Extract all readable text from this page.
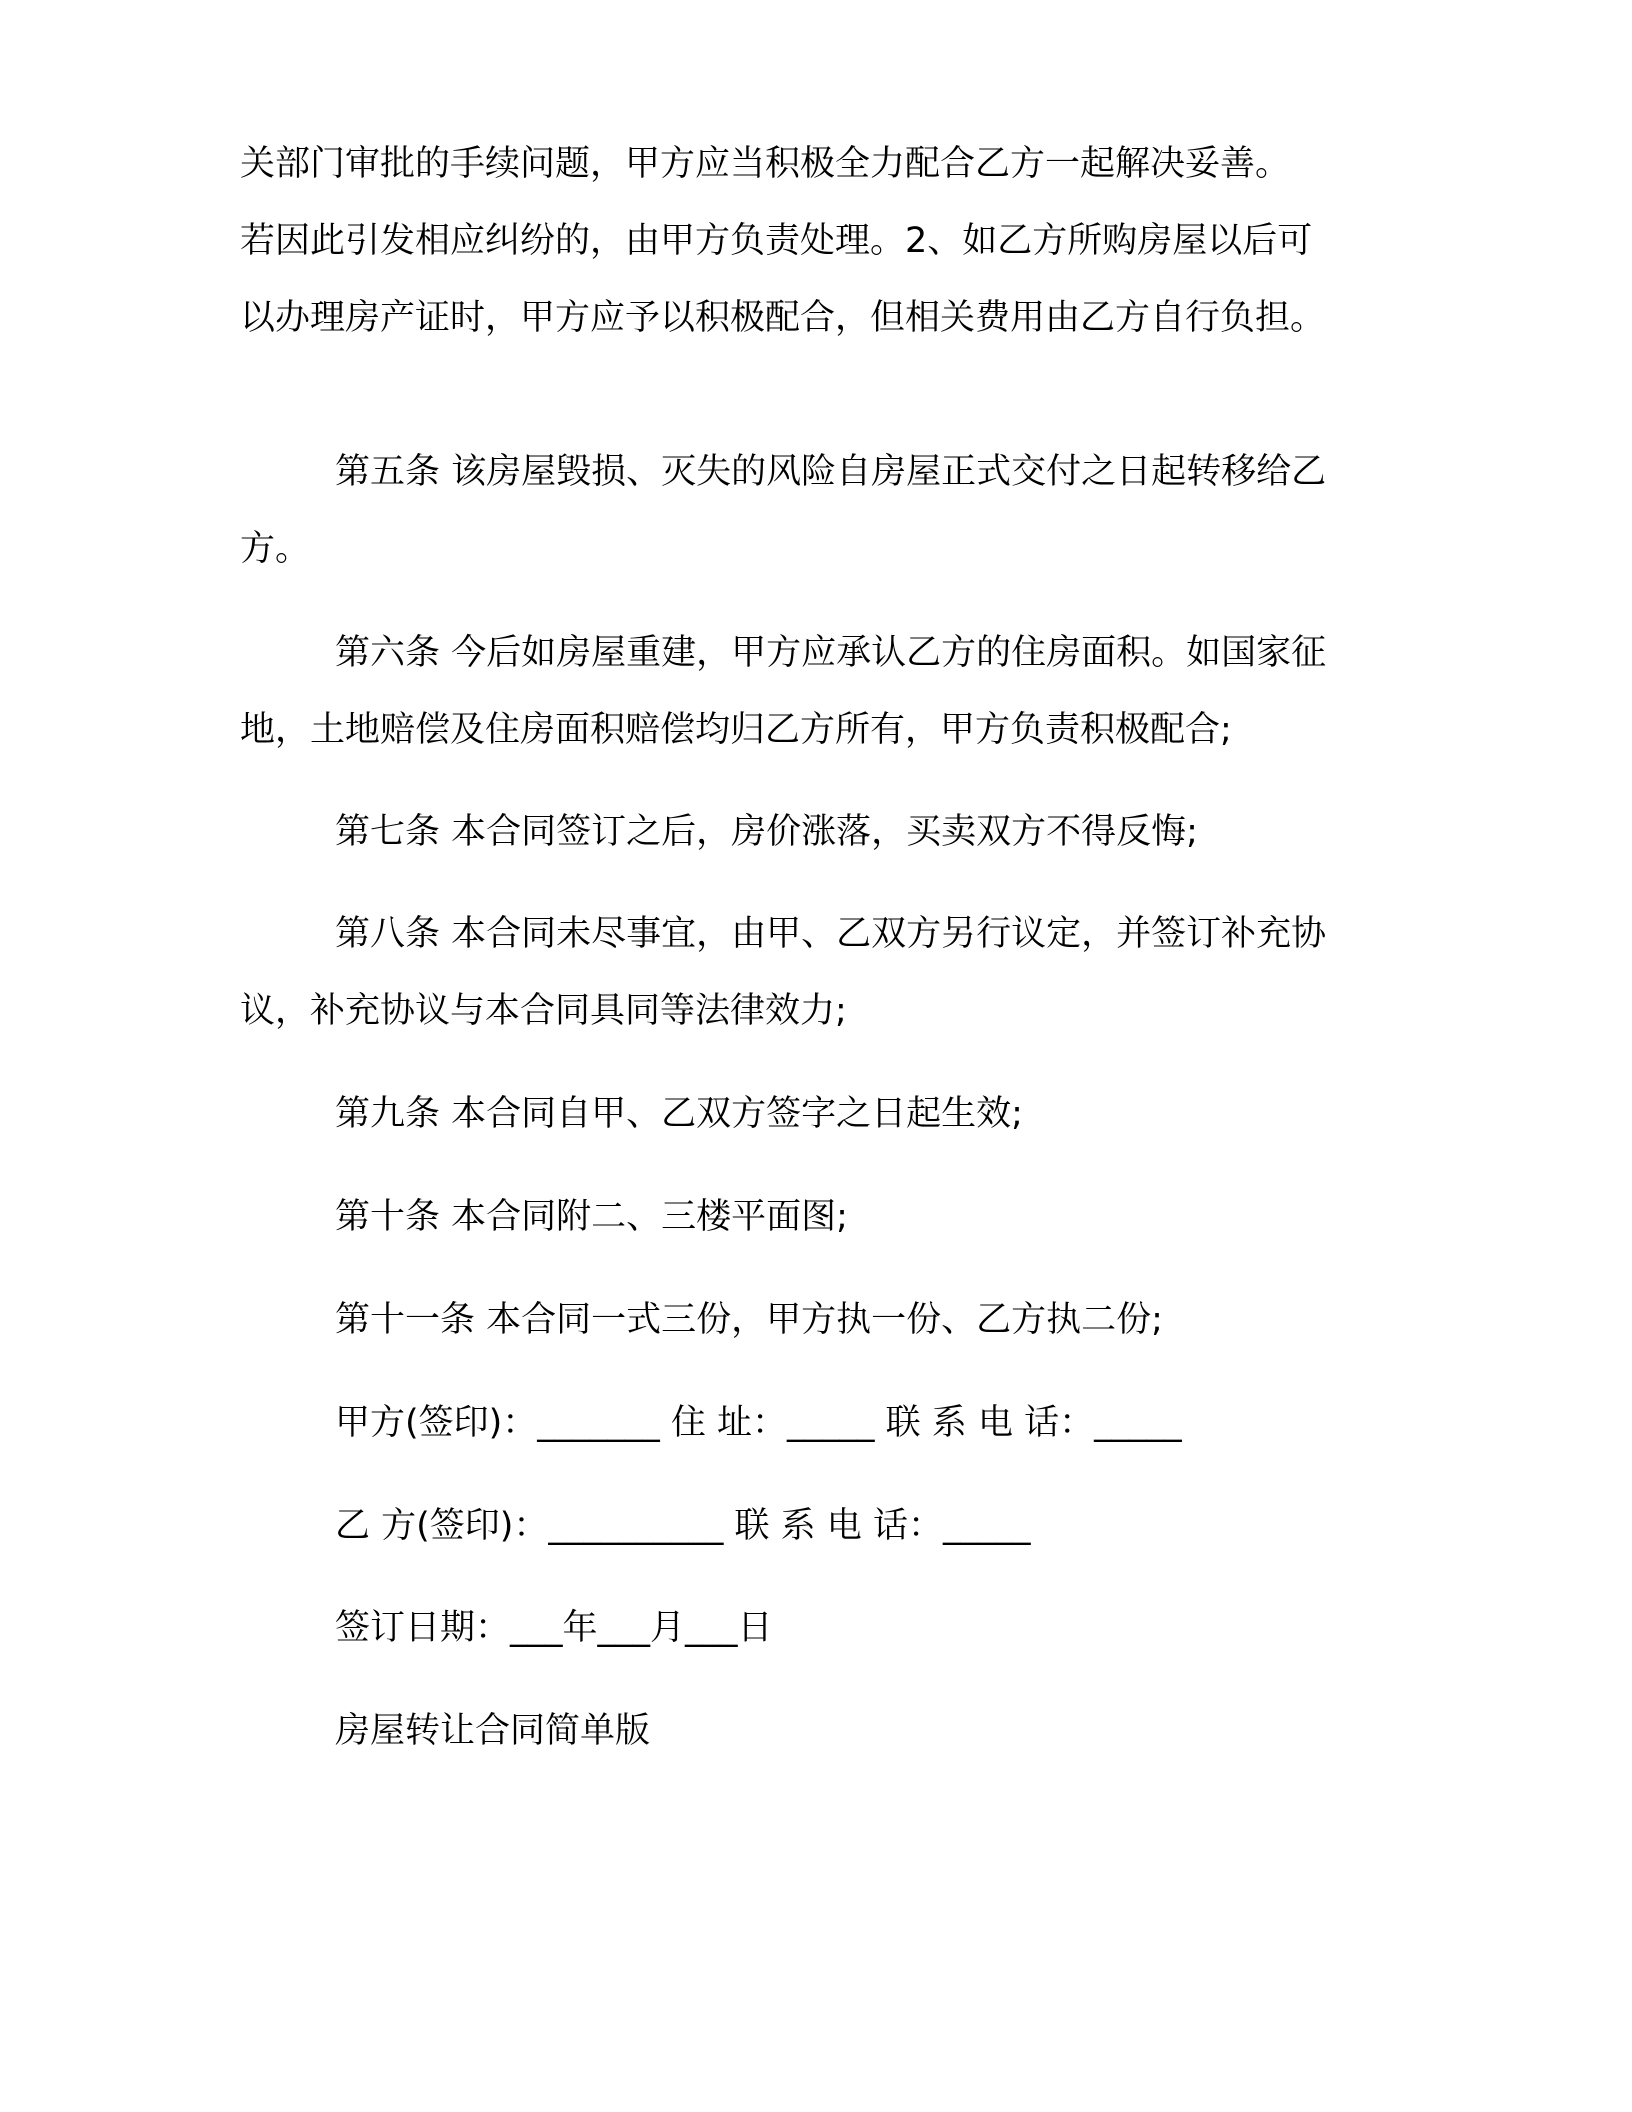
关部门审批的手续问题，甲方应当积极全力配合乙方一起解决妥善。
若因此引发相应纠纷的，由甲方负责处理。2、如乙方所购房屋以后可
以办理房产证时，甲方应予以积极配合，但相关费用由乙方自行负担。
第五条 该房屋毁损、灭失的风险自房屋正式交付之日起转移给乙
方。
第六条 今后如房屋重建，甲方应承认乙方的住房面积。如国家征
地，土地赔偿及住房面积赔偿均归乙方所有，甲方负责积极配合;
第七条 本合同签订之后，房价涨落，买卖双方不得反悔;
第八条 本合同未尽事宜，由甲、乙双方另行议定，并签订补充协
议，补充协议与本合同具同等法律效力;
第九条 本合同自甲、乙双方签字之日起生效;
第十条 本合同附二、三楼平面图;
第十一条 本合同一式三份，甲方执一份、乙方执二份;
甲方(签印)：_______ 住 址：_____ 联 系 电 话：_____
乙 方(签印)：__________ 联 系 电 话：_____
签订日期：___年___月___日
房屋转让合同简单版
